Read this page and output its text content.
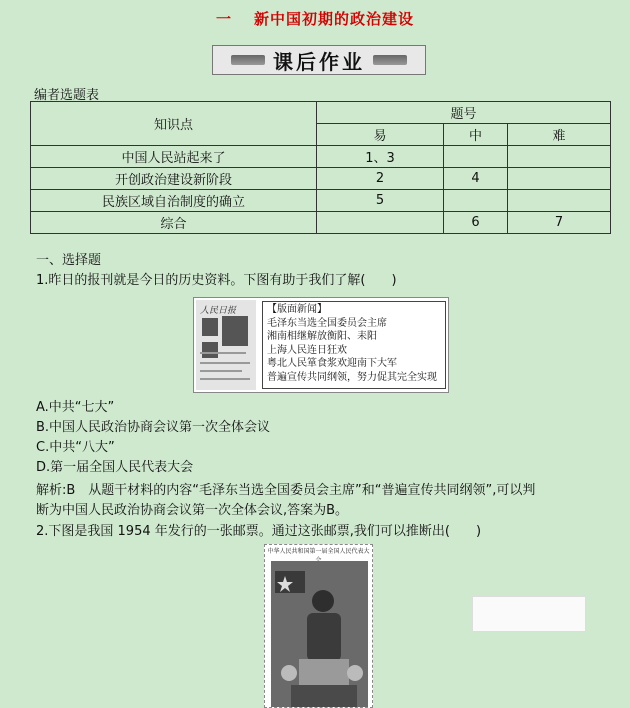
一 新中国初期的政治建设
课后作业
编者选题表
知识点	题号		
	易	中	难
中国人民站起来了	1、3		
开创政治建设新阶段	2	4	
民族区域自治制度的确立	5		
综合		6	7
一、选择题
1.昨日的报刊就是今日的历史资料。下图有助于我们了解(　　)
人民日报	【版面新闻】
毛泽东当选全国委员会主席
湘南相继解放衡阳、耒阳
上海人民连日狂欢
粤北人民箪食浆欢迎南下大军
普遍宣传共同纲领，努力促其完全实现
A.中共“七大”
B.中国人民政治协商会议第一次全体会议
C.中共“八大”
D.第一届全国人民代表大会
解析:B　从题干材料的内容“毛泽东当选全国委员会主席”和“普遍宣传共同纲领”,可以判
断为中国人民政治协商会议第一次全体会议,答案为B。
2.下图是我国 1954 年发行的一张邮票。通过这张邮票,我们可以推断出(　　)
中华人民共和国第一届全国人民代表大
